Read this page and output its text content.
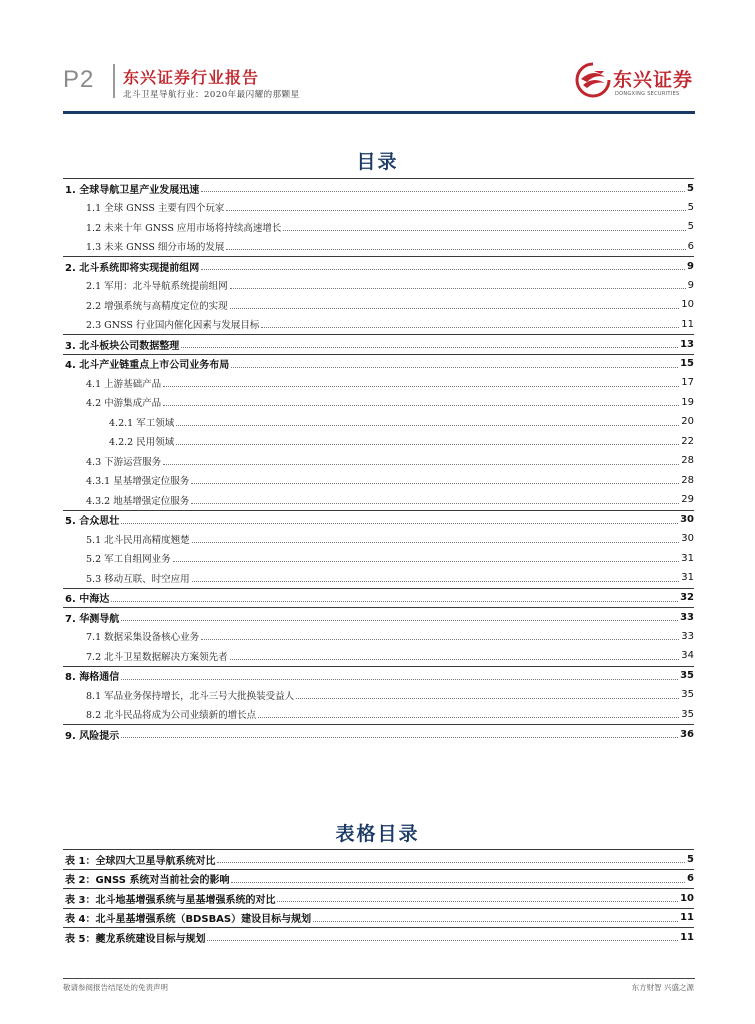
P2 东兴证券行业报告
北斗卫星导航行业：2020年最闪耀的那颗星
东兴证券
DONGXING SECURITIES
目录
1. 全球导航卫星产业发展迅速	5
1.1 全球 GNSS 主要有四个玩家	5
1.2 未来十年 GNSS 应用市场将持续高速增长	5
1.3 未来 GNSS 细分市场的发展	6
2. 北斗系统即将实现提前组网	9
2.1 军用：北斗导航系统提前组网	9
2.2 增强系统与高精度定位的实现	10
2.3 GNSS 行业国内催化因素与发展目标	11
3. 北斗板块公司数据整理	13
4. 北斗产业链重点上市公司业务布局	15
4.1 上游基础产品	17
4.2 中游集成产品	19
4.2.1 军工领域	20
4.2.2 民用领域	22
4.3 下游运营服务	28
4.3.1 星基增强定位服务	28
4.3.2 地基增强定位服务	29
5. 合众思壮	30
5.1 北斗民用高精度翘楚	30
5.2 军工自组网业务	31
5.3 移动互联、时空应用	31
6. 中海达	32
7. 华测导航	33
7.1 数据采集设备核心业务	33
7.2 北斗卫星数据解决方案领先者	34
8. 海格通信	35
8.1 军品业务保持增长，北斗三号大批换装受益人	35
8.2 北斗民品将成为公司业绩新的增长点	35
9. 风险提示	36
表格目录
表 1：全球四大卫星导航系统对比	5
表 2：GNSS 系统对当前社会的影响	6
表 3：北斗地基增强系统与星基增强系统的对比	10
表 4：北斗星基增强系统（BDSBAS）建设目标与规划	11
表 5：夔龙系统建设目标与规划	11
敬请参阅报告结尾处的免责声明	东方财智 兴盛之源
